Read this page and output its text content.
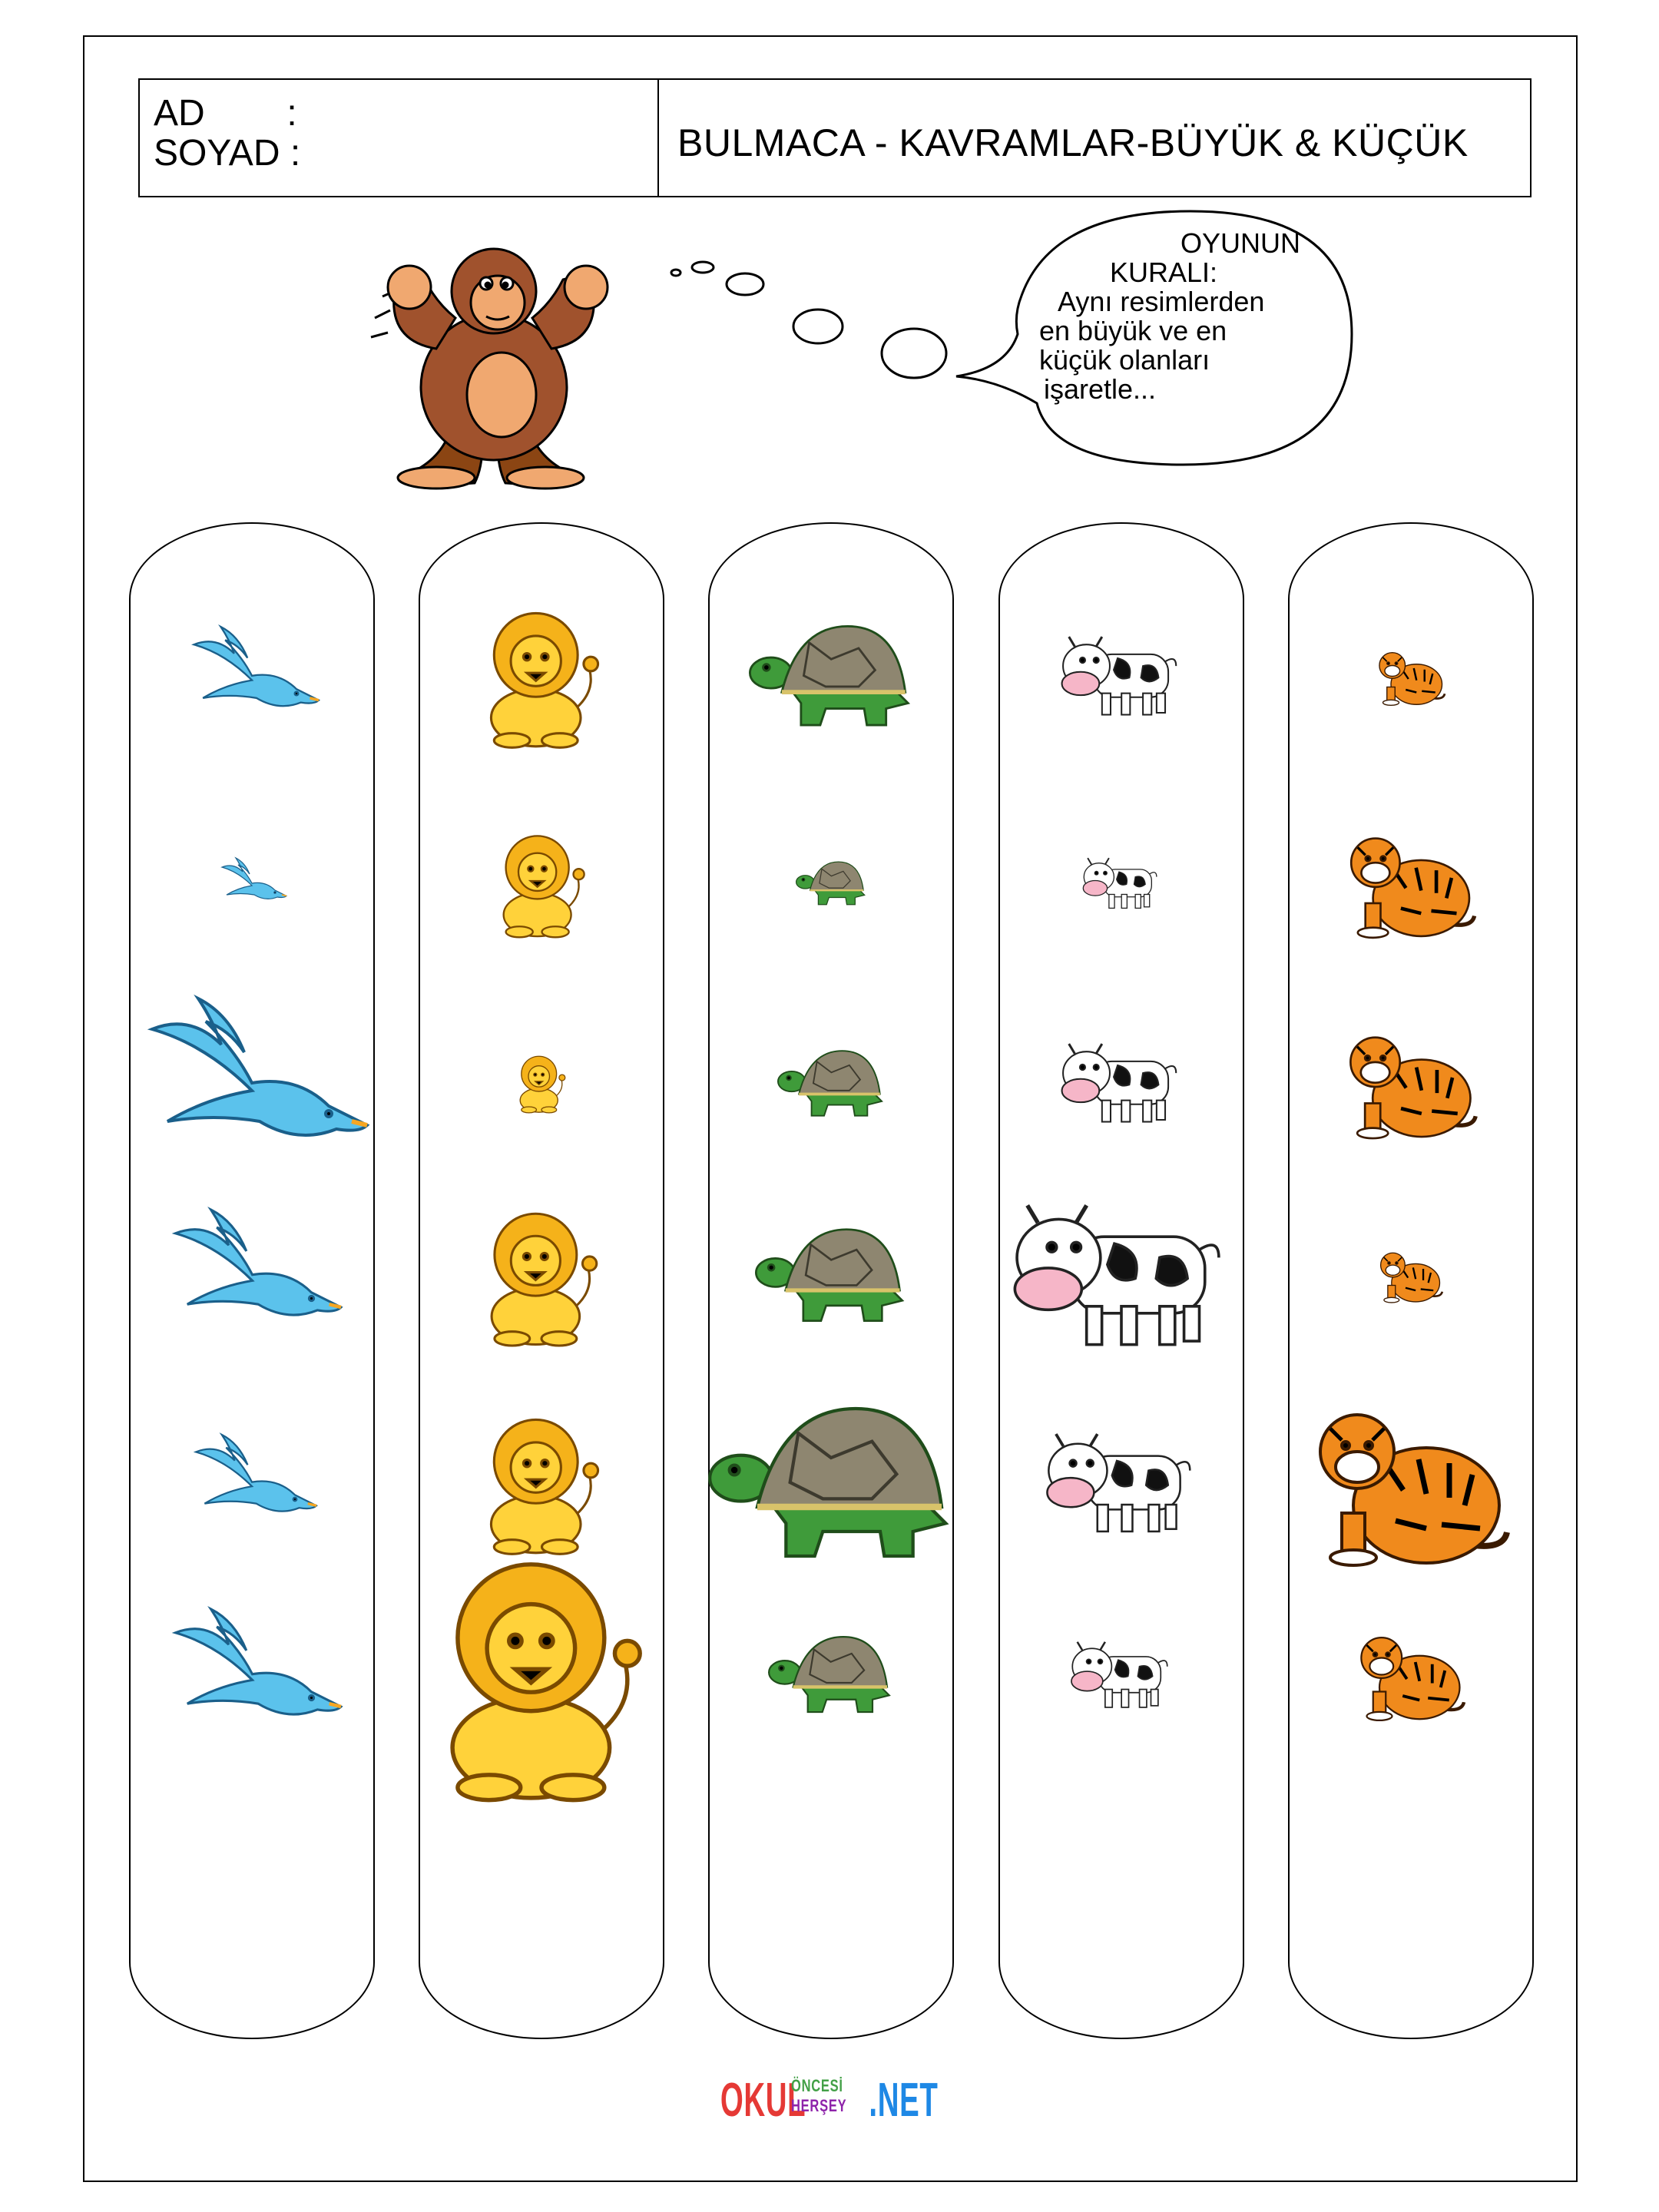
AD        :
SOYAD :	BULMACA - KAVRAMLAR-BÜYÜK & KÜÇÜK
OYUNUN
KURALI:
Aynı resimlerden
en büyük ve en
küçük olanları
işaretle...
OKUL .NET
ÖNCESİ
HERŞEY
